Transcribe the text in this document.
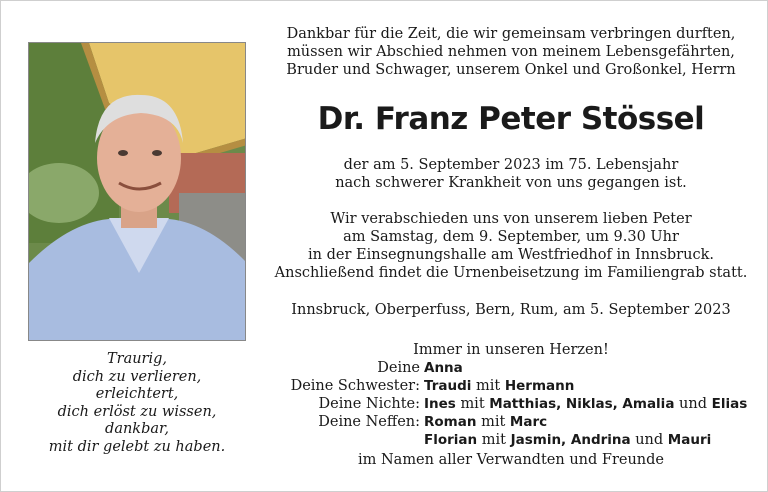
Traurig,
dich zu verlieren,
erleichtert,
dich erlöst zu wissen,
dankbar,
mit dir gelebt zu haben.
Dankbar für die Zeit, die wir gemeinsam verbringen durften,
müssen wir Abschied nehmen von meinem Lebensgefährten,
Bruder und Schwager, unserem Onkel und Großonkel, Herrn
Dr. Franz Peter Stössel
der am 5. September 2023 im 75. Lebensjahr
nach schwerer Krankheit von uns gegangen ist.
Wir verabschieden uns von unserem lieben Peter
am Samstag, dem 9. September, um 9.30 Uhr
in der Einsegnungshalle am Westfriedhof in Innsbruck.
Anschließend findet die Urnenbeisetzung im Familiengrab statt.
Innsbruck, Oberperfuss, Bern, Rum, am 5. September 2023
Immer in unseren Herzen!
Deine Anna
Deine Schwester: Traudi mit Hermann
Deine Nichte: Ines mit Matthias, Niklas, Amalia und Elias
Deine Neffen: Roman mit Marc
Florian mit Jasmin, Andrina und Mauri
im Namen aller Verwandten und Freunde
